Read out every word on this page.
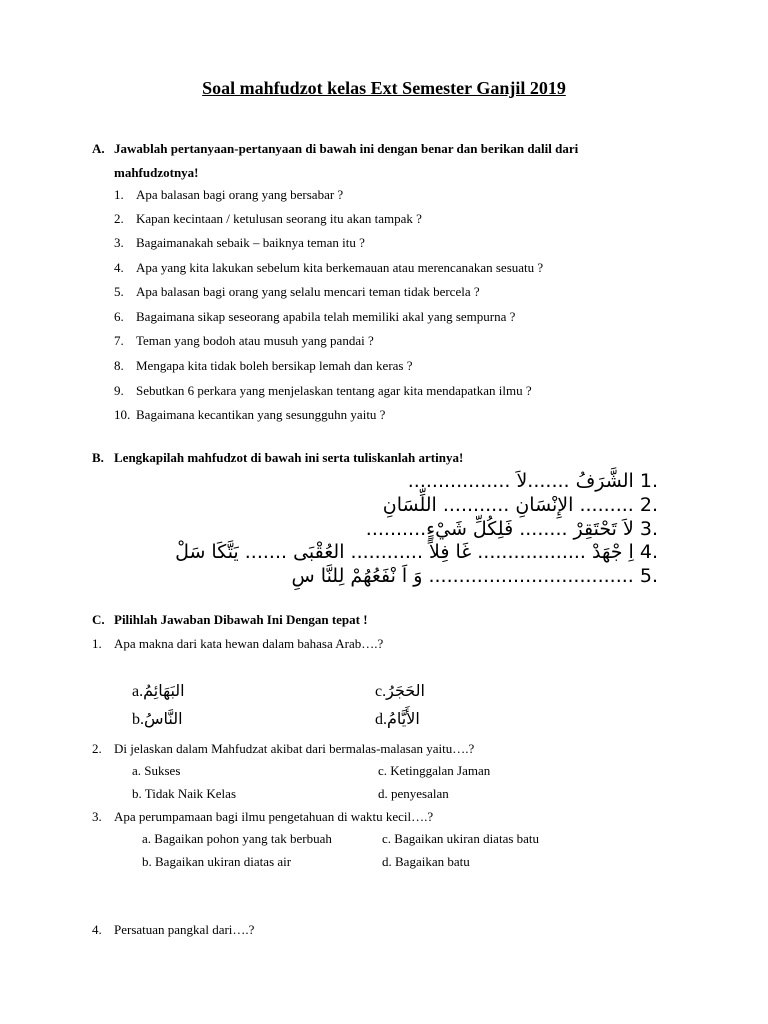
Soal mahfudzot kelas Ext Semester Ganjil 2019
A. Jawablah pertanyaan-pertanyaan di bawah ini dengan benar dan berikan dalil dari
mahfudzotnya!
1. Apa balasan bagi orang yang bersabar ?
2. Kapan kecintaan / ketulusan seorang itu akan tampak ?
3. Bagaimanakah sebaik – baiknya teman itu ?
4. Apa yang kita lakukan sebelum kita berkemauan atau merencanakan sesuatu ?
5. Apa balasan bagi orang yang selalu mencari teman tidak bercela ?
6. Bagaimana sikap seseorang apabila telah memiliki akal yang sempurna ?
7. Teman yang bodoh atau musuh yang pandai ?
8. Mengapa kita tidak boleh bersikap lemah dan keras ?
9. Sebutkan 6 perkara yang menjelaskan tentang agar kita mendapatkan ilmu ?
10. Bagaimana kecantikan yang sesungguhn yaitu ?
B. Lengkapilah mahfudzot di bawah ini serta tuliskanlah artinya!
.1 الشَّرَفُ .......لاَ .................
.2 ......... الإِنْسَانِ ........... اللِّسَانِ
.3 لاَ تَحْتَقِرْ ........ فَلِكُلِّ شَيْءٍ..........
.4 اِ جْهَدْ .................. غَا فِلاً ............ العُقْبَى ....... يَتَّكَا سَلْ
.5 .................................. وَ اَ نْفَعُهُمْ لِلنَّا سِ
C. Pilihlah Jawaban Dibawah Ini Dengan tepat !
1. Apa makna dari kata hewan dalam bahasa Arab….?
a.البَهَائِمُ	c.الحَجَرُ
b.النَّاسُ	d.الأَيَّامُ
2. Di jelaskan dalam Mahfudzat akibat dari bermalas-malasan yaitu….?
a. Sukses	c. Ketinggalan Jaman
b. Tidak Naik Kelas	d. penyesalan
3. Apa perumpamaan bagi ilmu pengetahuan di waktu kecil….?
a. Bagaikan pohon yang tak berbuah	c. Bagaikan ukiran diatas batu
b. Bagaikan ukiran diatas air	d. Bagaikan batu
4. Persatuan pangkal dari….?
